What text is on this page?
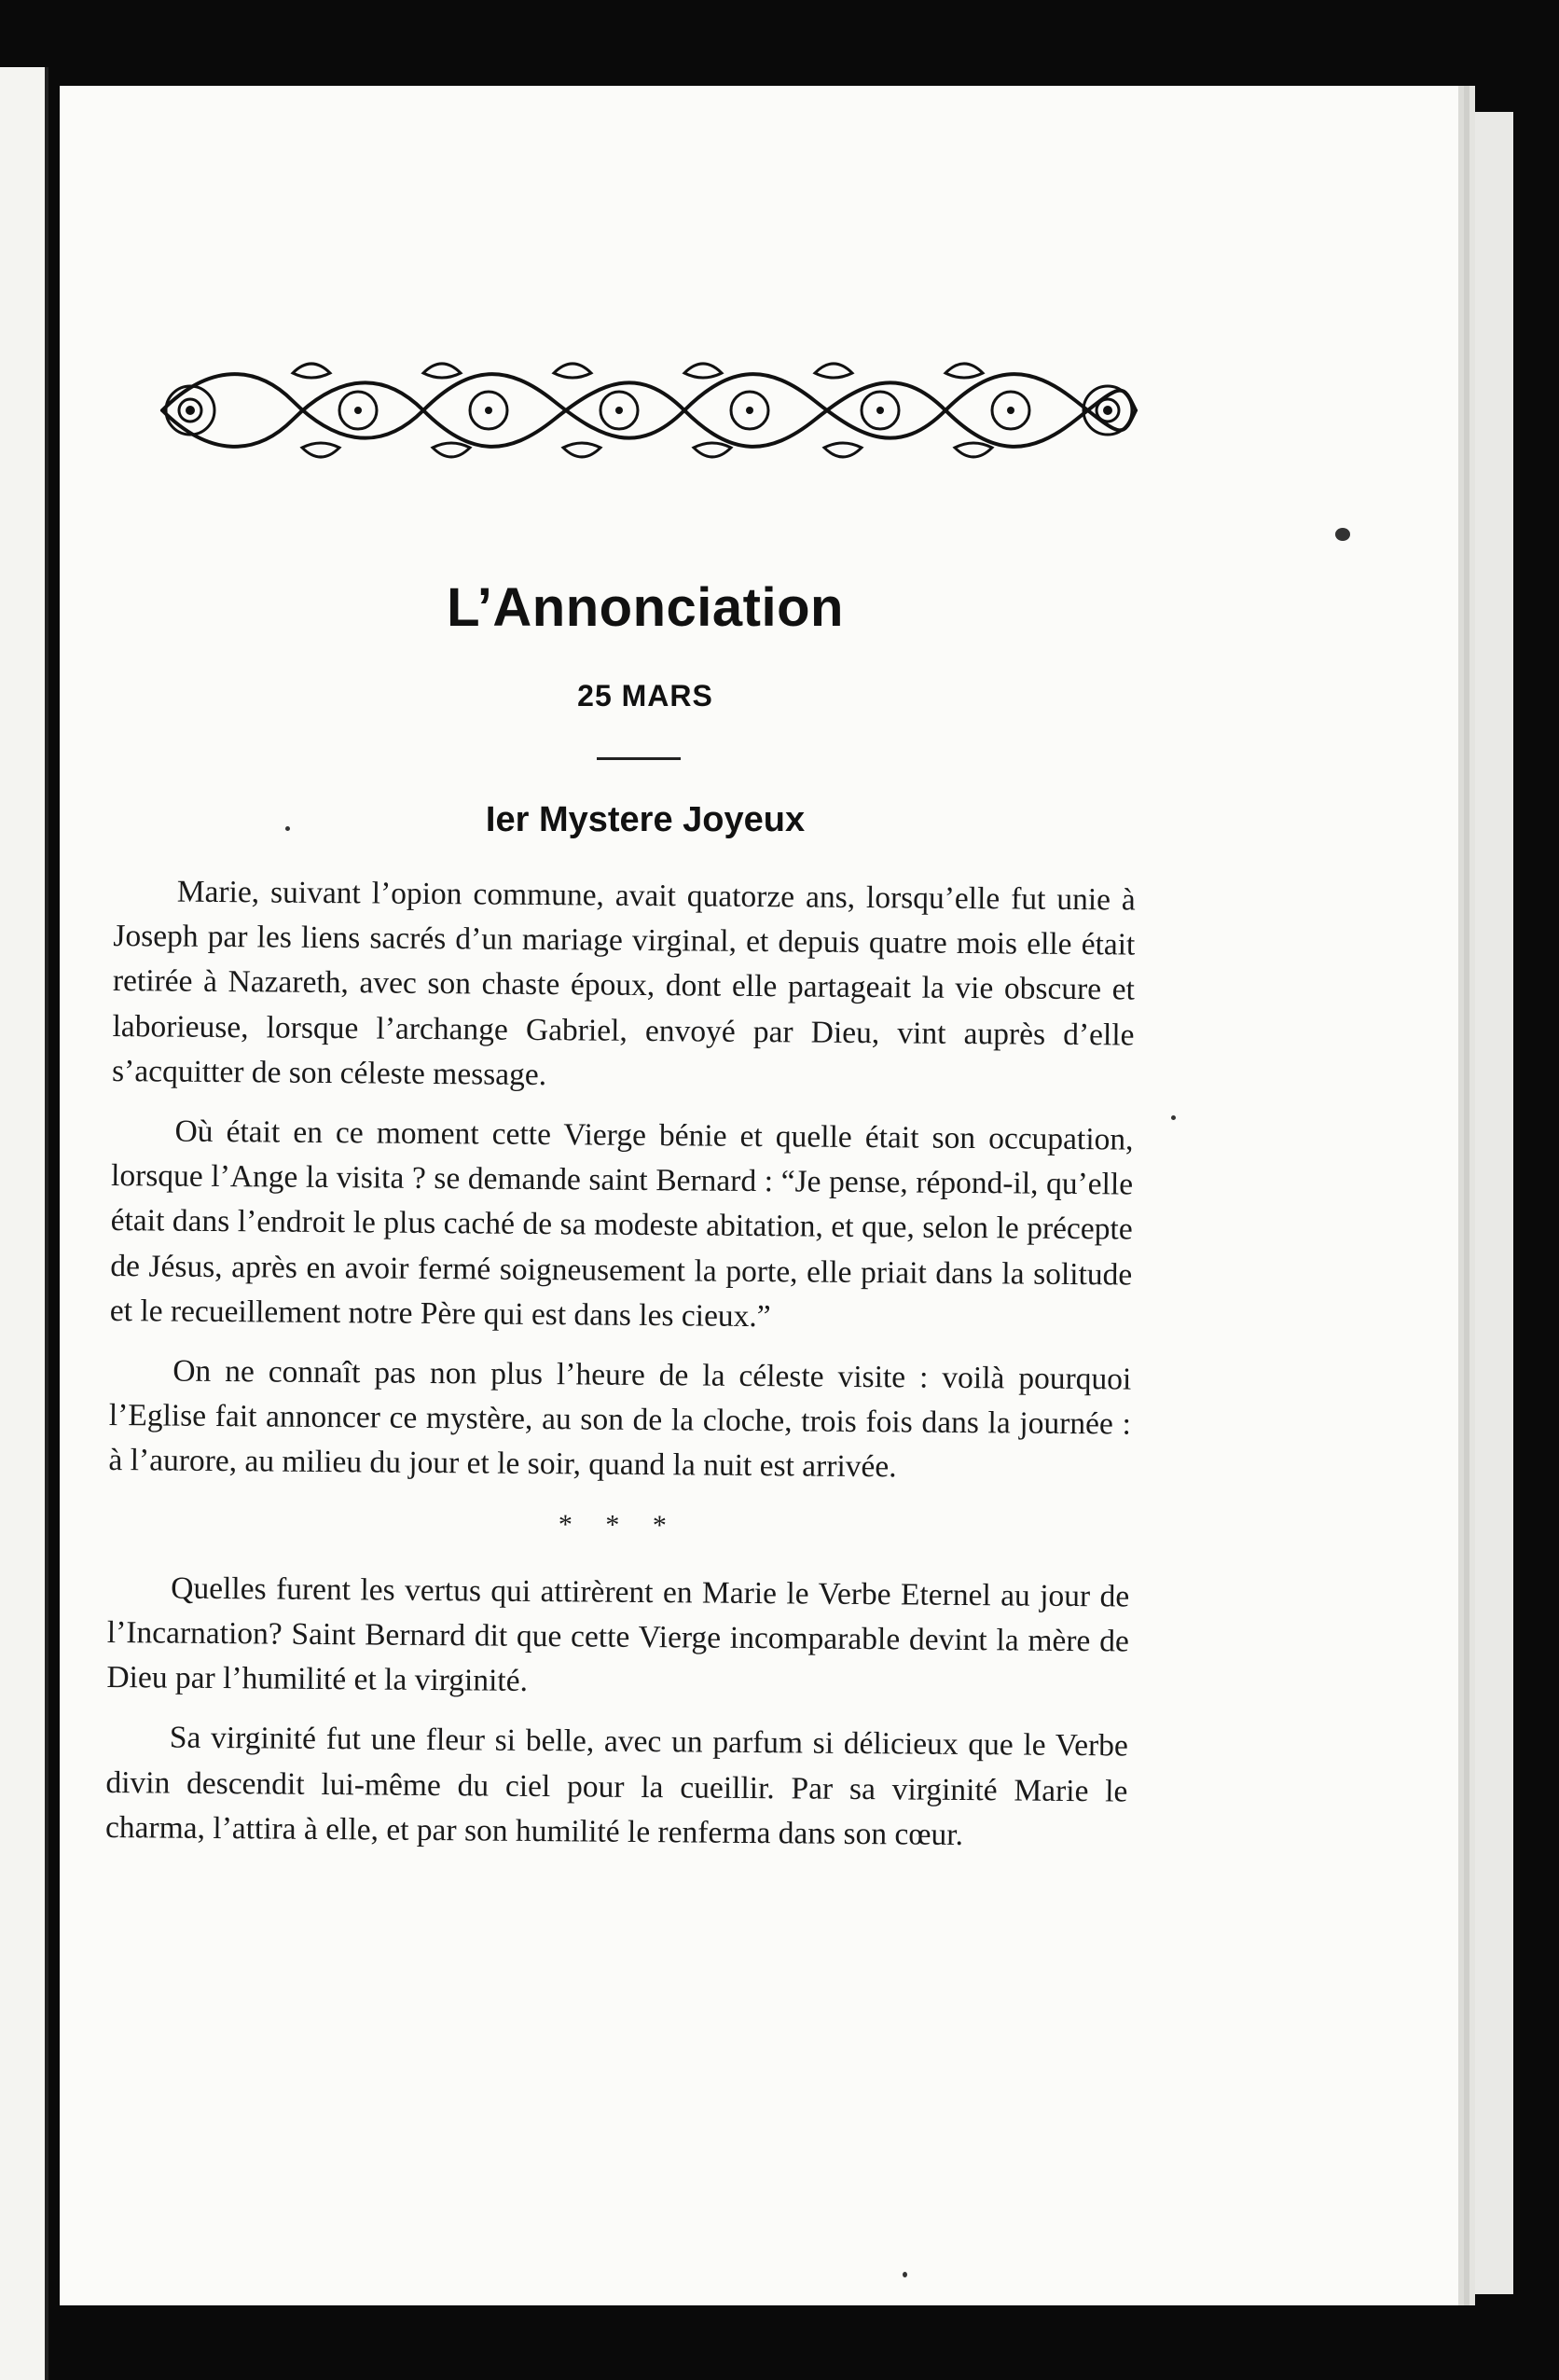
L’Annonciation
25 MARS
Ier Mystere Joyeux

Marie, suivant l’opion commune, avait quatorze ans, lorsqu’elle fut unie à Joseph par les liens sacrés d’un mariage virginal, et depuis quatre mois elle était retirée à Nazareth, avec son chaste époux, dont elle partageait la vie obscure et laborieuse, lorsque l’archange Gabriel, envoyé par Dieu, vint auprès d’elle s’acquitter de son céleste message.

Où était en ce moment cette Vierge bénie et quelle était son occupation, lorsque l’Ange la visita ? se demande saint Bernard : “Je pense, répond-il, qu’elle était dans l’endroit le plus caché de sa modeste abitation, et que, selon le précepte de Jésus, après en avoir fermé soigneusement la porte, elle priait dans la solitude et le recueillement notre Père qui est dans les cieux.”

On ne connaît pas non plus l’heure de la céleste visite : voilà pourquoi l’Eglise fait annoncer ce mystère, au son de la cloche, trois fois dans la journée : à l’aurore, au milieu du jour et le soir, quand la nuit est arrivée.

* * *

Quelles furent les vertus qui attirèrent en Marie le Verbe Eternel au jour de l’Incarnation? Saint Bernard dit que cette Vierge incomparable devint la mère de Dieu par l’humilité et la virginité.

Sa virginité fut une fleur si belle, avec un parfum si délicieux que le Verbe divin descendit lui-même du ciel pour la cueillir. Par sa virginité Marie le charma, l’attira à elle, et par son humilité le renferma dans son cœur.
